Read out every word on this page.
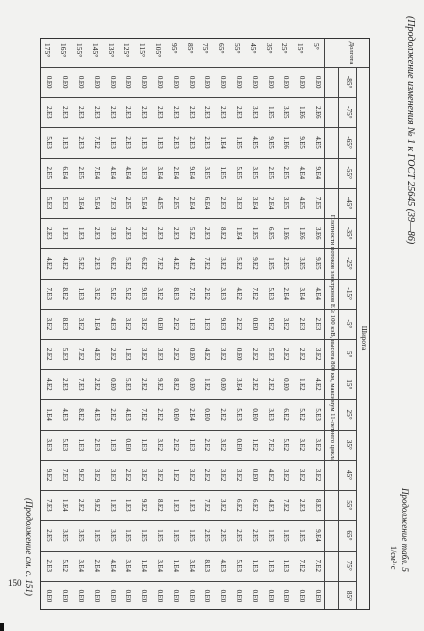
150
(Продолжение изменения № 1 к ГОСТ 25645 (39—86)
Продолжение табл. 5
1/см²·с
Долгота
Широта
Плотности потоков электронов E ≥ 100 кэВ, высота 800 км, максимум 11-летнего цикла
-85°
-75°
-65°
-55°
-45°
-35°
-25°
-15°
-5°
5°
15°
25°
35°
45°
55°
65°
75°
85°
5°
0.E0
2.E6
4.E5
9.E4
7.E5
3.E6
9.E5
4.E4
2.E3
3.E2
4.E2
5.E3
3.E2
3.E2
8.E3
9.E4
7.E2
0.E0
15°
0.E0
1.E6
9.E5
4.E4
4.E5
1.E6
3.E5
3.E4
2.E3
2.E2
1.E2
5.E2
3.E2
3.E2
2.E3
1.E5
7.E2
0.E0
25°
0.E0
3.E5
1.E6
2.E5
3.E5
1.E6
2.E5
2.E4
3.E2
2.E2
0.E0
6.E2
5.E2
3.E2
7.E2
1.E5
1.E3
0.E0
35°
0.E0
1.E5
9.E5
2.E5
2.E4
6.E5
1.E5
5.E3
9.E2
5.E3
2.E2
3.E3
7.E2
4.E2
4.E3
1.E5
1.E3
0.E0
45°
0.E0
3.E3
4.E5
3.E5
3.E4
1.E5
9.E2
7.E2
0.E0
2.E2
2.E2
0.E0
1.E2
0.E0
6.E2
2.E5
1.E3
0.E0
55°
0.E0
2.E3
1.E5
5.E5
3.E3
1.E4
5.E2
4.E2
2.E2
0.E0
3.E4
5.E3
0.E0
3.E2
6.E2
2.E5
5.E3
0.E0
65°
0.E0
2.E3
1.E4
1.E5
2.E3
8.E2
3.E2
3.E3
9.E3
3.E2
0.E0
2.E2
3.E2
3.E2
3.E2
2.E5
4.E3
0.E0
75°
0.E0
2.E3
2.E3
3.E5
6.E4
2.E3
7.E2
2.E2
1.E3
4.E2
1.E2
0.E0
2.E2
2.E2
7.E2
2.E5
8.E3
0.E0
85°
0.E0
2.E3
2.E3
9.E4
2.E4
5.E2
4.E2
7.E2
1.E3
0.E0
0.E0
2.E4
1.E3
3.E2
1.E3
1.E5
3.E4
0.E0
95°
0.E0
2.E3
2.E3
2.E4
2.E5
2.E3
4.E2
8.E3
2.E2
2.E2
8.E2
0.E0
2.E2
1.E2
1.E3
1.E5
1.E4
0.E0
105°
0.E0
2.E3
1.E3
3.E4
4.E5
2.E3
7.E2
3.E2
0.E0
3.E3
9.E2
2.E2
3.E2
3.E2
8.E2
1.E5
3.E4
0.E0
115°
0.E0
2.E3
1.E3
3.E3
5.E4
2.E3
6.E2
9.E3
3.E2
3.E2
2.E2
7.E2
1.E3
3.E2
9.E2
1.E5
1.E4
0.E0
125°
0.E0
2.E3
2.E3
4.E4
2.E5
2.E3
5.E2
5.E2
3.E2
1.E3
5.E3
4.E3
0.E0
2.E2
1.E3
1.E5
3.E4
0.E0
135°
0.E0
2.E3
1.E3
4.E4
7.E3
3.E3
6.E2
5.E2
4.E3
2.E2
0.E0
2.E2
1.E3
3.E3
1.E3
3.E5
4.E4
0.E0
145°
0.E0
2.E3
7.E2
7.E4
5.E4
2.E3
2.E3
3.E2
1.E4
4.E3
2.E2
4.E3
2.E3
3.E2
9.E2
1.E5
2.E4
0.E0
155°
0.E0
2.E3
2.E3
2.E5
3.E4
1.E3
5.E2
1.E3
3.E2
7.E2
7.E3
8.E2
1.E3
9.E2
2.E2
3.E5
3.E4
0.E0
165°
0.E0
2.E3
1.E3
6.E4
5.E3
1.E3
4.E2
8.E2
8.E3
5.E3
2.E3
4.E3
5.E3
7.E3
1.E4
3.E5
5.E2
0.E0
175°
0.E0
2.E3
5.E3
2.E5
5.E3
2.E3
4.E2
7.E3
3.E2
2.E2
4.E2
1.E4
3.E3
9.E2
7.E3
2.E5
2.E3
0.E0
(Продолжение см. с. 151)
